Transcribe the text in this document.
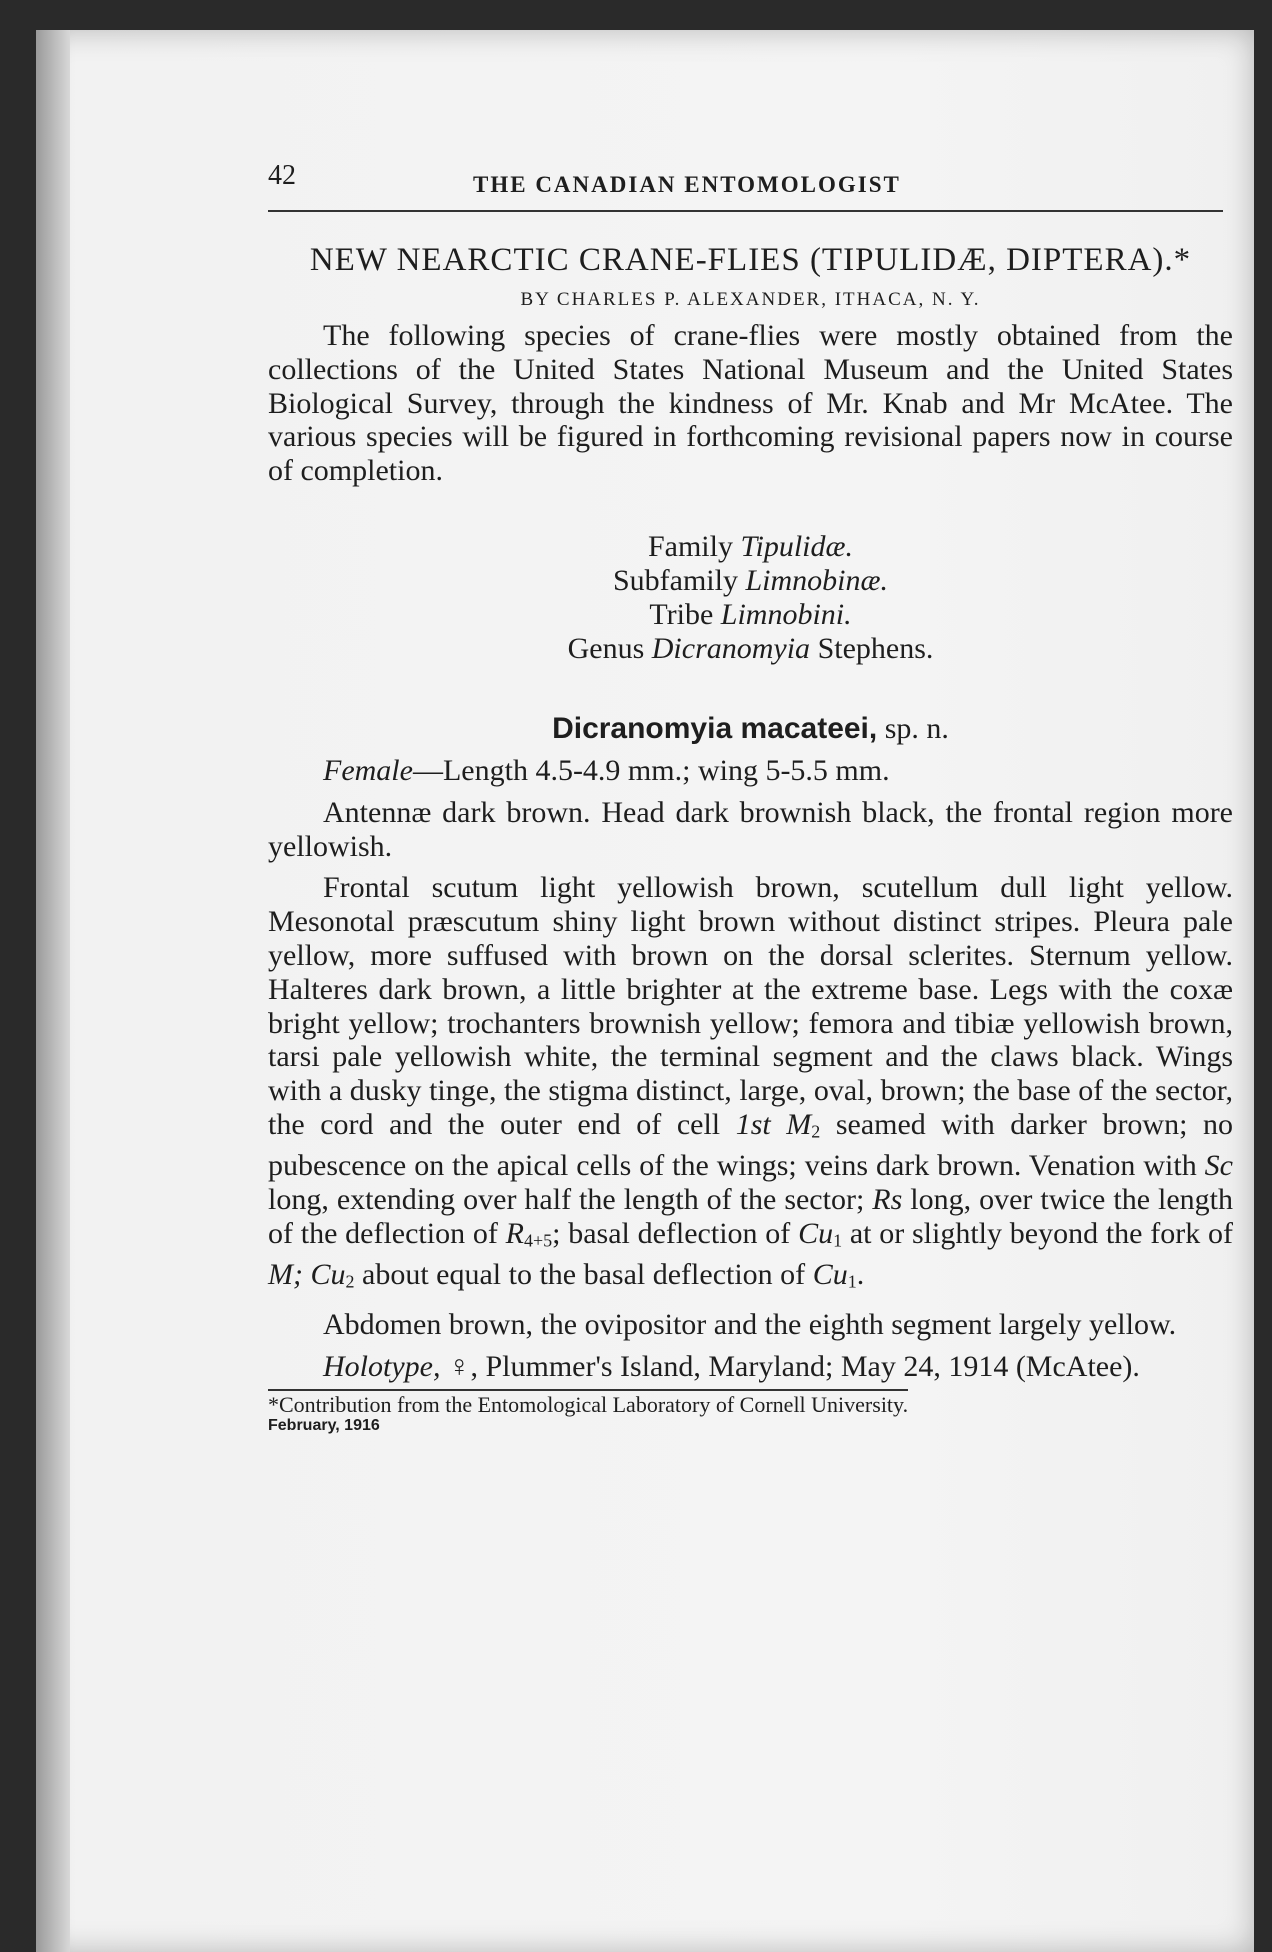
42	THE CANADIAN ENTOMOLOGIST
NEW NEARCTIC CRANE-FLIES (TIPULIDÆ, DIPTERA).*
BY CHARLES P. ALEXANDER, ITHACA, N. Y.

The following species of crane-flies were mostly obtained from the collections of the United States National Museum and the United States Biological Survey, through the kindness of Mr. Knab and Mr McAtee. The various species will be figured in forthcoming revisional papers now in course of completion.

Family Tipulidæ.
Subfamily Limnobinæ.
Tribe Limnobini.
Genus Dicranomyia Stephens.
Dicranomyia macateei, sp. n.

Female—Length 4.5-4.9 mm.; wing 5-5.5 mm.

Antennæ dark brown. Head dark brownish black, the frontal region more yellowish.

Frontal scutum light yellowish brown, scutellum dull light yellow. Mesonotal præscutum shiny light brown without distinct stripes. Pleura pale yellow, more suffused with brown on the dorsal sclerites. Sternum yellow. Halteres dark brown, a little brighter at the extreme base. Legs with the coxæ bright yellow; trochanters brownish yellow; femora and tibiæ yellowish brown, tarsi pale yellowish white, the terminal segment and the claws black. Wings with a dusky tinge, the stigma distinct, large, oval, brown; the base of the sector, the cord and the outer end of cell 1st $M_2$ seamed with darker brown; no pubescence on the apical cells of the wings; veins dark brown. Venation with Sc long, extending over half the length of the sector; Rs long, over twice the length of the deflection of $R_{4+5}$; basal deflection of $Cu_1$ at or slightly beyond the fork of M; $Cu_2$ about equal to the basal deflection of $Cu_1$.

Abdomen brown, the ovipositor and the eighth segment largely yellow.

Holotype, ♀, Plummer's Island, Maryland; May 24, 1914 (McAtee).

*Contribution from the Entomological Laboratory of Cornell University.
February, 1916
